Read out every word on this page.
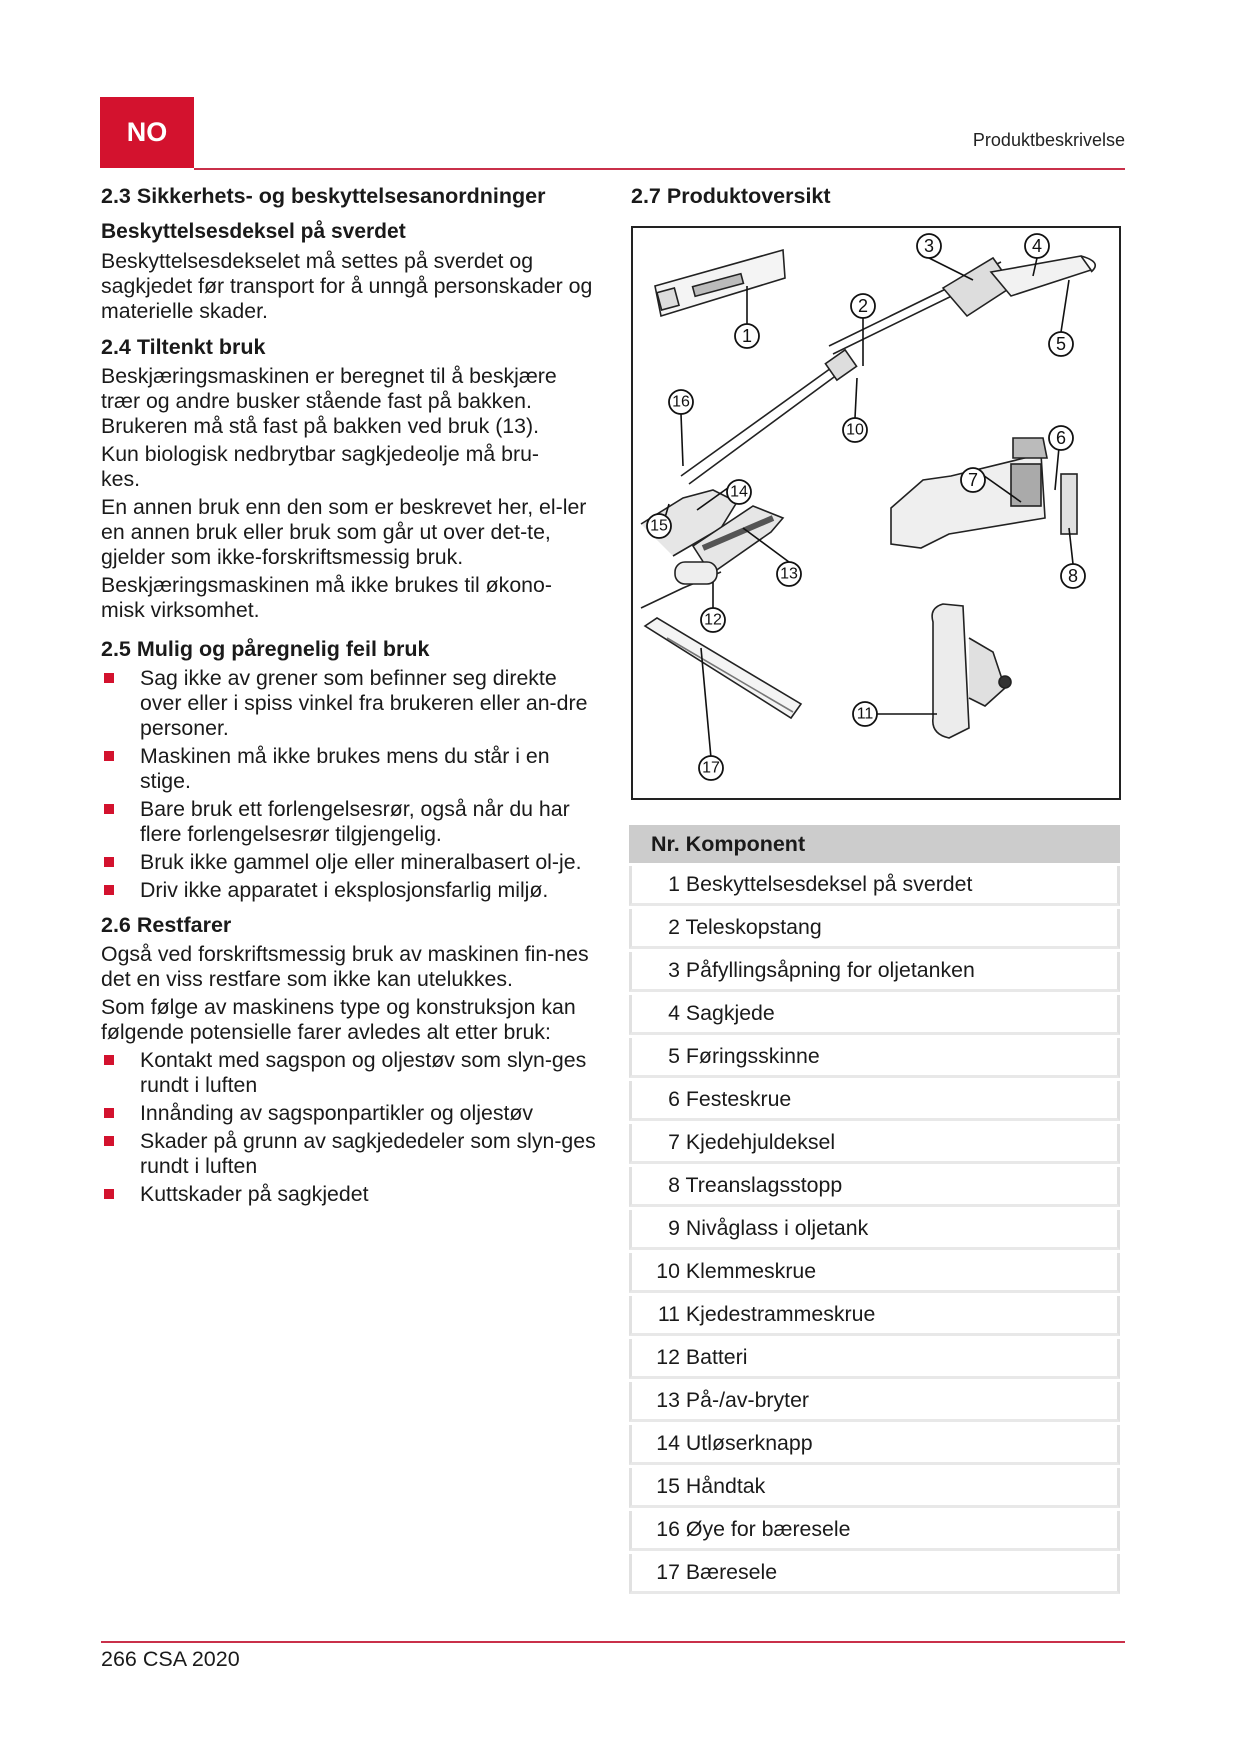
NO	Produktbeskrivelse
2.3 Sikkerhets- og beskyttelsesanordninger
Beskyttelsesdeksel på sverdet

Beskyttelsesdekselet må settes på sverdet og sagkjedet før transport for å unngå personskader og materielle skader.

2.4 Tiltenkt bruk

Beskjæringsmaskinen er beregnet til å beskjære trær og andre busker stående fast på bakken. Brukeren må stå fast på bakken ved bruk (13).

Kun biologisk nedbrytbar sagkjedeolje må bru-kes.

En annen bruk enn den som er beskrevet her, el-ler en annen bruk eller bruk som går ut over det-te, gjelder som ikke-forskriftsmessig bruk.

Beskjæringsmaskinen må ikke brukes til økono-misk virksomhet.

2.5 Mulig og påregnelig feil bruk
Sag ikke av grener som befinner seg direkte over eller i spiss vinkel fra brukeren eller an-dre personer.
Maskinen må ikke brukes mens du står i en stige.
Bare bruk ett forlengelsesrør, også når du har flere forlengelsesrør tilgjengelig.
Bruk ikke gammel olje eller mineralbasert ol-je.
Driv ikke apparatet i eksplosjonsfarlig miljø.
2.6 Restfarer

Også ved forskriftsmessig bruk av maskinen fin-nes det en viss restfare som ikke kan utelukkes.

Som følge av maskinens type og konstruksjon kan følgende potensielle farer avledes alt etter bruk:

Kontakt med sagspon og oljestøv som slyn-ges rundt i luften
Innånding av sagsponpartikler og oljestøv
Skader på grunn av sagkjededeler som slyn-ges rundt i luften
Kuttskader på sagkjedet
2.7 Produktoversikt
1
2
3	4
5
6
7
8
10
11
12
13
14
15
16
17
Nr. Komponent
1 Beskyttelsesdeksel på sverdet
2 Teleskopstang
3 Påfyllingsåpning for oljetanken
4 Sagkjede
5 Føringsskinne
6 Festeskrue
7 Kjedehjuldeksel
8 Treanslagsstopp
9 Nivåglass i oljetank
10 Klemmeskrue
11 Kjedestrammeskrue
12 Batteri
13 På-/av-bryter
14 Utløserknapp
15 Håndtak
16 Øye for bæresele
17 Bæresele
266 CSA 2020
